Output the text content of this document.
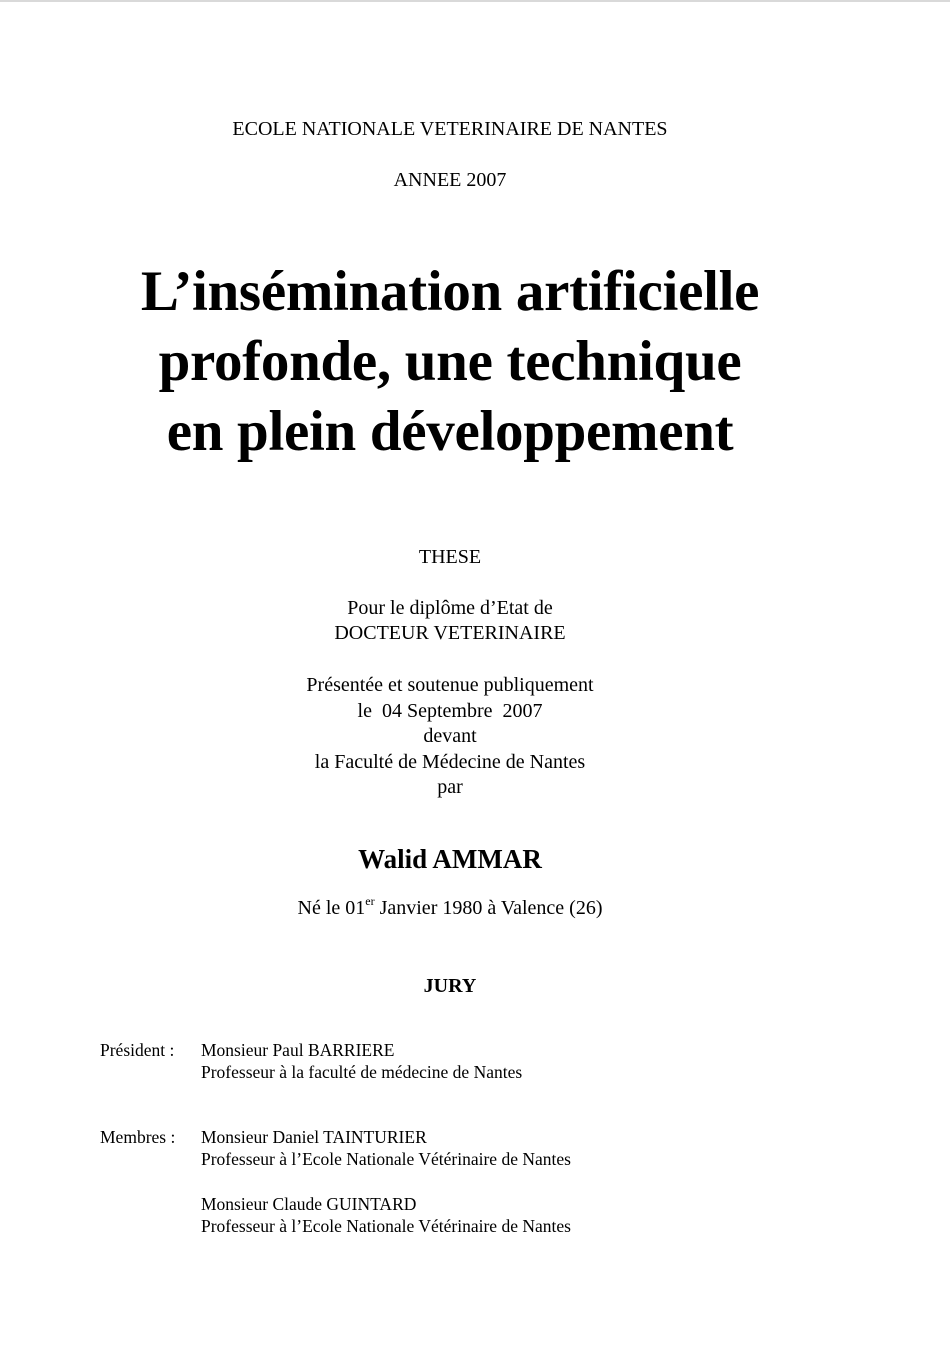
ECOLE NATIONALE VETERINAIRE DE NANTES
ANNEE 2007
L’insémination artificielle
profonde, une technique
en plein développement
THESE
Pour le diplôme d’Etat de
DOCTEUR VETERINAIRE
Présentée et soutenue publiquement
le  04 Septembre  2007
devant
la Faculté de Médecine de Nantes
par
Walid AMMAR
Né le 01er Janvier 1980 à Valence (26)
JURY
Président : Monsieur Paul BARRIERE
Professeur à la faculté de médecine de Nantes
Membres : Monsieur Daniel TAINTURIER
Professeur à l’Ecole Nationale Vétérinaire de Nantes
Monsieur Claude GUINTARD
Professeur à l’Ecole Nationale Vétérinaire de Nantes
